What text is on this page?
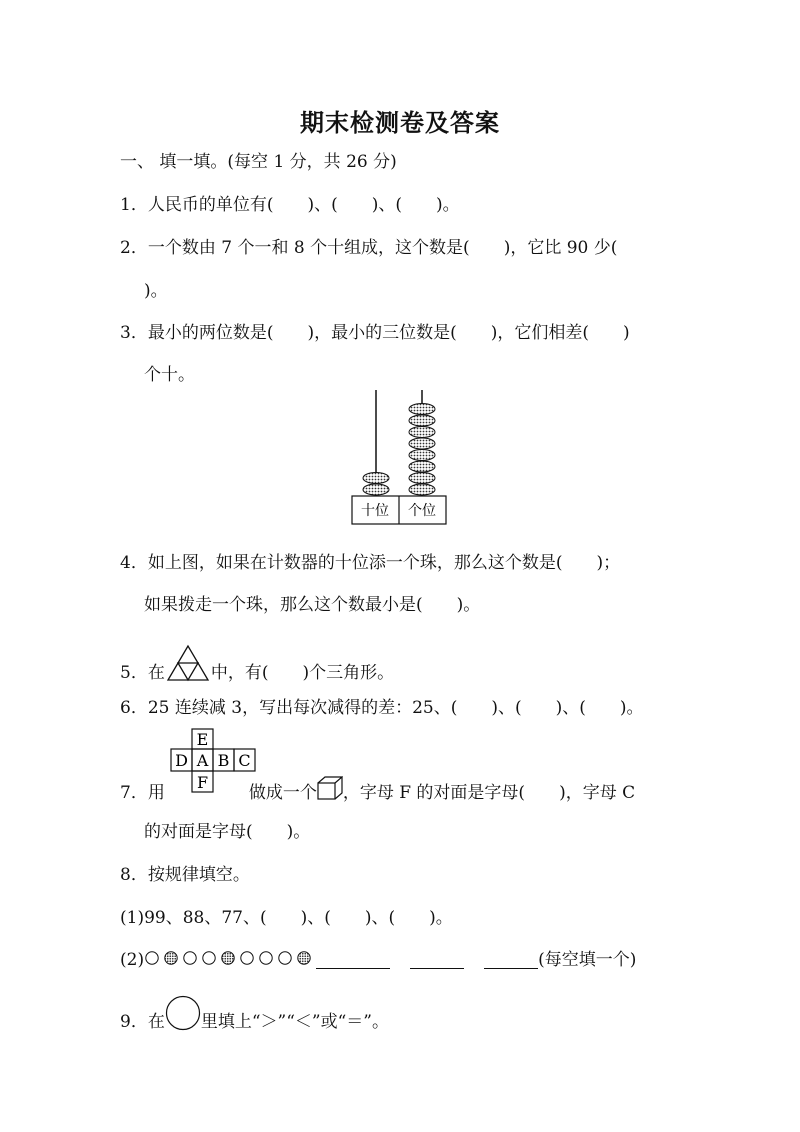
期末检测卷及答案
一、 填一填。(每空 1 分，共 26 分)
1．人民币的单位有(　　)、(　　)、(　　)。
2．一个数由 7 个一和 8 个十组成，这个数是(　　)，它比 90 少(
)。
3．最小的两位数是(　　)，最小的三位数是(　　)，它们相差(　　)
个十。
十位 个位
4．如上图，如果在计数器的十位添一个珠，那么这个数是(　　)；
如果拨走一个珠，那么这个数最小是(　　)。
5．在	中，有(　　)个三角形。
6．25 连续减 3，写出每次减得的差：25、(　　)、(　　)、(　　)。
E
D A B C
F
7．用	做成一个 ，字母 F 的对面是字母(　　)，字母 C
的对面是字母(　　)。
8．按规律填空。
(1)99、88、77、(　　)、(　　)、(　　)。
(2)	(每空填一个)
9．在 里填上“＞”“＜”或“＝”。
